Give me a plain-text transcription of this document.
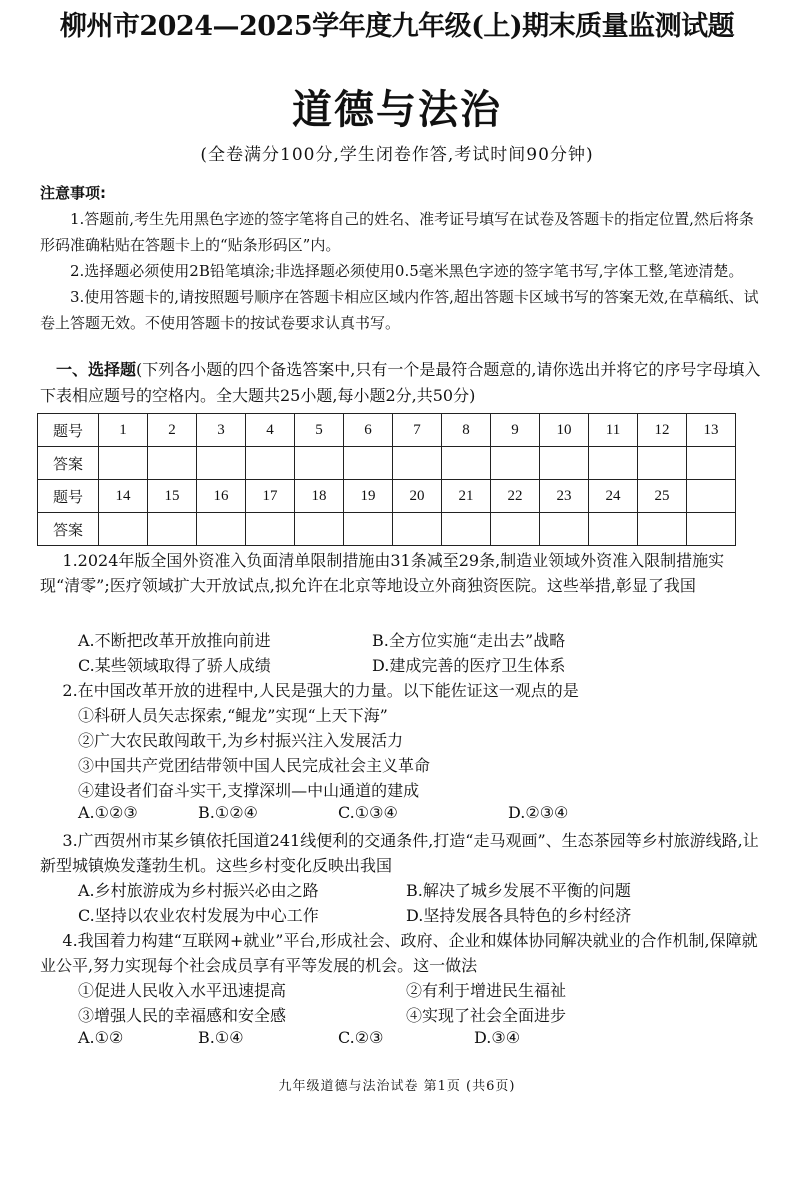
柳州市2024—2025学年度九年级(上)期末质量监测试题
道德与法治
(全卷满分100分,学生闭卷作答,考试时间90分钟)
注意事项:

1.答题前,考生先用黑色字迹的签字笔将自己的姓名、准考证号填写在试卷及答题卡的指定位置,然后将条形码准确粘贴在答题卡上的“贴条形码区”内。

2.选择题必须使用2B铅笔填涂;非选择题必须使用0.5毫米黑色字迹的签字笔书写,字体工整,笔迹清楚。

3.使用答题卡的,请按照题号顺序在答题卡相应区域内作答,超出答题卡区域书写的答案无效,在草稿纸、试卷上答题无效。不使用答题卡的按试卷要求认真书写。

一、选择题(下列各小题的四个备选答案中,只有一个是最符合题意的,请你选出并将它的序号字母填入下表相应题号的空格内。全大题共25小题,每小题2分,共50分)
题号	1	2	3	4	5	6	7	8	9	10	11	12	13
答案													
题号	14	15	16	17	18	19	20	21	22	23	24	25	
答案													
1.2024年版全国外资准入负面清单限制措施由31条减至29条,制造业领域外资准入限制措施实现“清零”;医疗领域扩大开放试点,拟允许在北京等地设立外商独资医院。这些举措,彰显了我国
A.不断把改革开放推向前进	B.全方位实施“走出去”战略
C.某些领域取得了骄人成绩	D.建成完善的医疗卫生体系
2.在中国改革开放的进程中,人民是强大的力量。以下能佐证这一观点的是
①科研人员矢志探索,“鲲龙”实现“上天下海”
②广大农民敢闯敢干,为乡村振兴注入发展活力
③中国共产党团结带领中国人民完成社会主义革命
④建设者们奋斗实干,支撑深圳—中山通道的建成
A.①②③	B.①②④	C.①③④	D.②③④
3.广西贺州市某乡镇依托国道241线便利的交通条件,打造“走马观画”、生态茶园等乡村旅游线路,让新型城镇焕发蓬勃生机。这些乡村变化反映出我国
A.乡村旅游成为乡村振兴必由之路	B.解决了城乡发展不平衡的问题
C.坚持以农业农村发展为中心工作	D.坚持发展各具特色的乡村经济
4.我国着力构建“互联网+就业”平台,形成社会、政府、企业和媒体协同解决就业的合作机制,保障就业公平,努力实现每个社会成员享有平等发展的机会。这一做法
①促进人民收入水平迅速提高	②有利于增进民生福祉
③增强人民的幸福感和安全感	④实现了社会全面进步
A.①②	B.①④	C.②③	D.③④
九年级道德与法治试卷 第1页 (共6页)
